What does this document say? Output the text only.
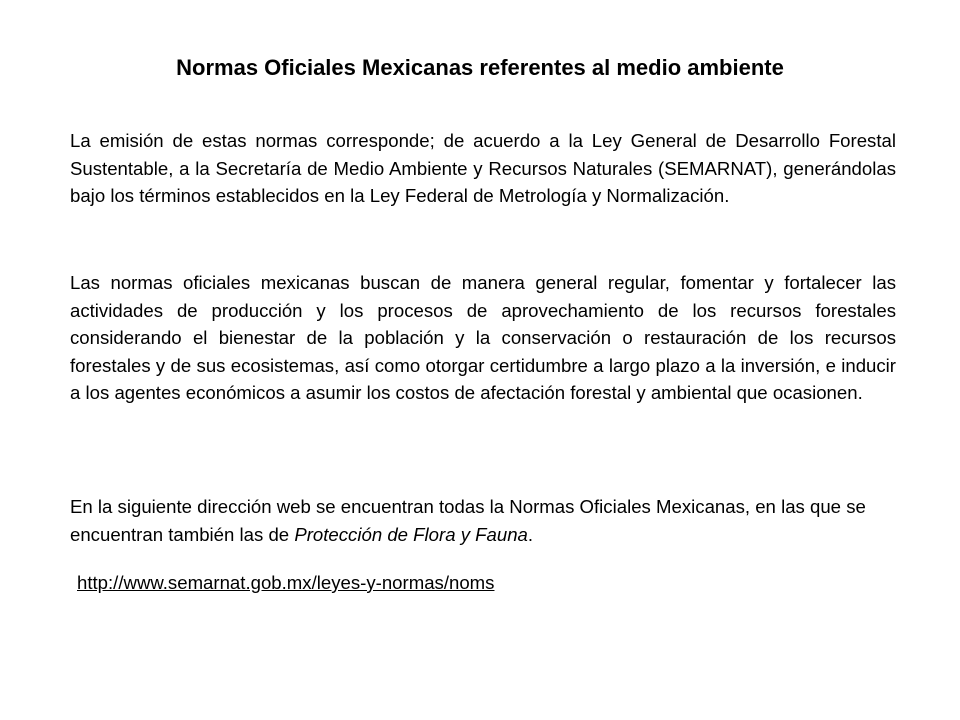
Normas Oficiales Mexicanas referentes al medio ambiente

La emisión de estas normas corresponde; de acuerdo a la Ley General de Desarrollo Forestal Sustentable, a la Secretaría de Medio Ambiente y Recursos Naturales (SEMARNAT), generándolas bajo los términos establecidos en la Ley Federal de Metrología y Normalización.

Las normas oficiales mexicanas buscan de manera general regular, fomentar y fortalecer las actividades de producción y los procesos de aprovechamiento de los recursos forestales considerando el bienestar de la población y la conservación o restauración de los recursos forestales y de sus ecosistemas, así como otorgar certidumbre a largo plazo a la inversión, e inducir a los agentes económicos a asumir los costos de afectación forestal y ambiental que ocasionen.

En la siguiente dirección web se encuentran todas la Normas Oficiales Mexicanas, en las que se encuentran también las de Protección de Flora y Fauna.

http://www.semarnat.gob.mx/leyes-y-normas/noms
